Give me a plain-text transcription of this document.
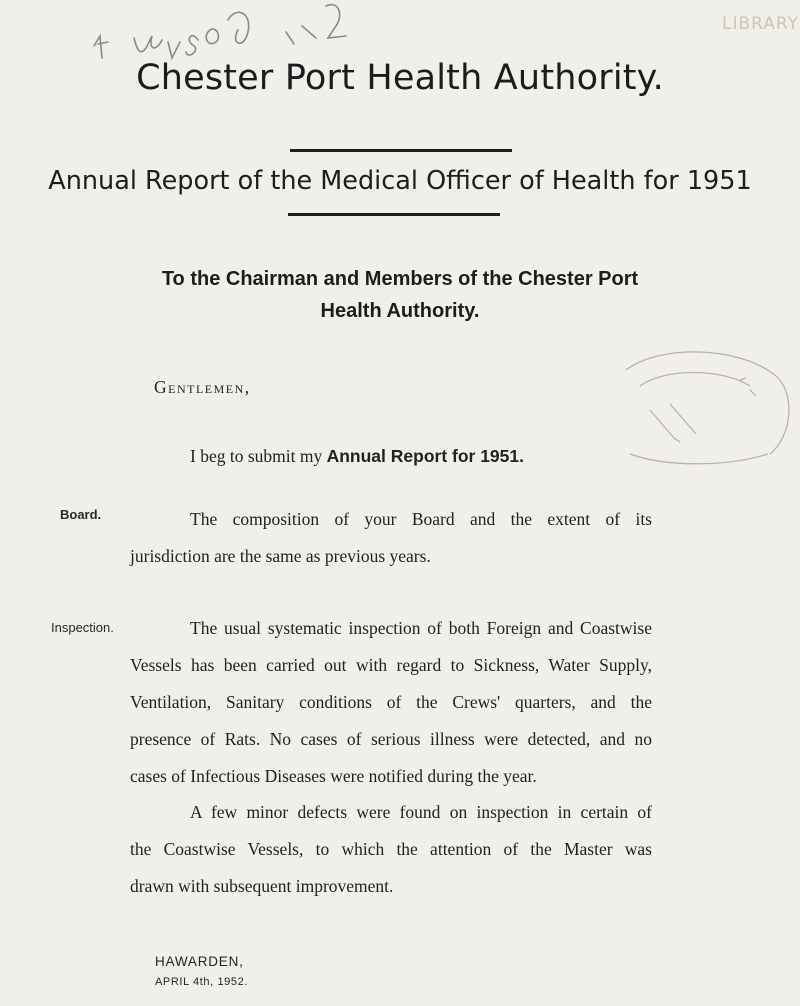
LIBRARY
Chester Port Health Authority.
Annual Report of the Medical Officer of Health for 1951
To the Chairman and Members of the Chester Port
Health Authority.
Gentlemen,
I beg to submit my Annual Report for 1951.
Board.	The composition of your Board and the extent of its
jurisdiction are the same as previous years.
Inspection.	The usual systematic inspection of both Foreign and Coastwise
Vessels has been carried out with regard to Sickness, Water Supply,
Ventilation, Sanitary conditions of the Crews' quarters, and the
presence of Rats. No cases of serious illness were detected, and no
cases of Infectious Diseases were notified during the year.
A few minor defects were found on inspection in certain of
the Coastwise Vessels, to which the attention of the Master was
drawn with subsequent improvement.
HAWARDEN,
APRIL 4th, 1952.
